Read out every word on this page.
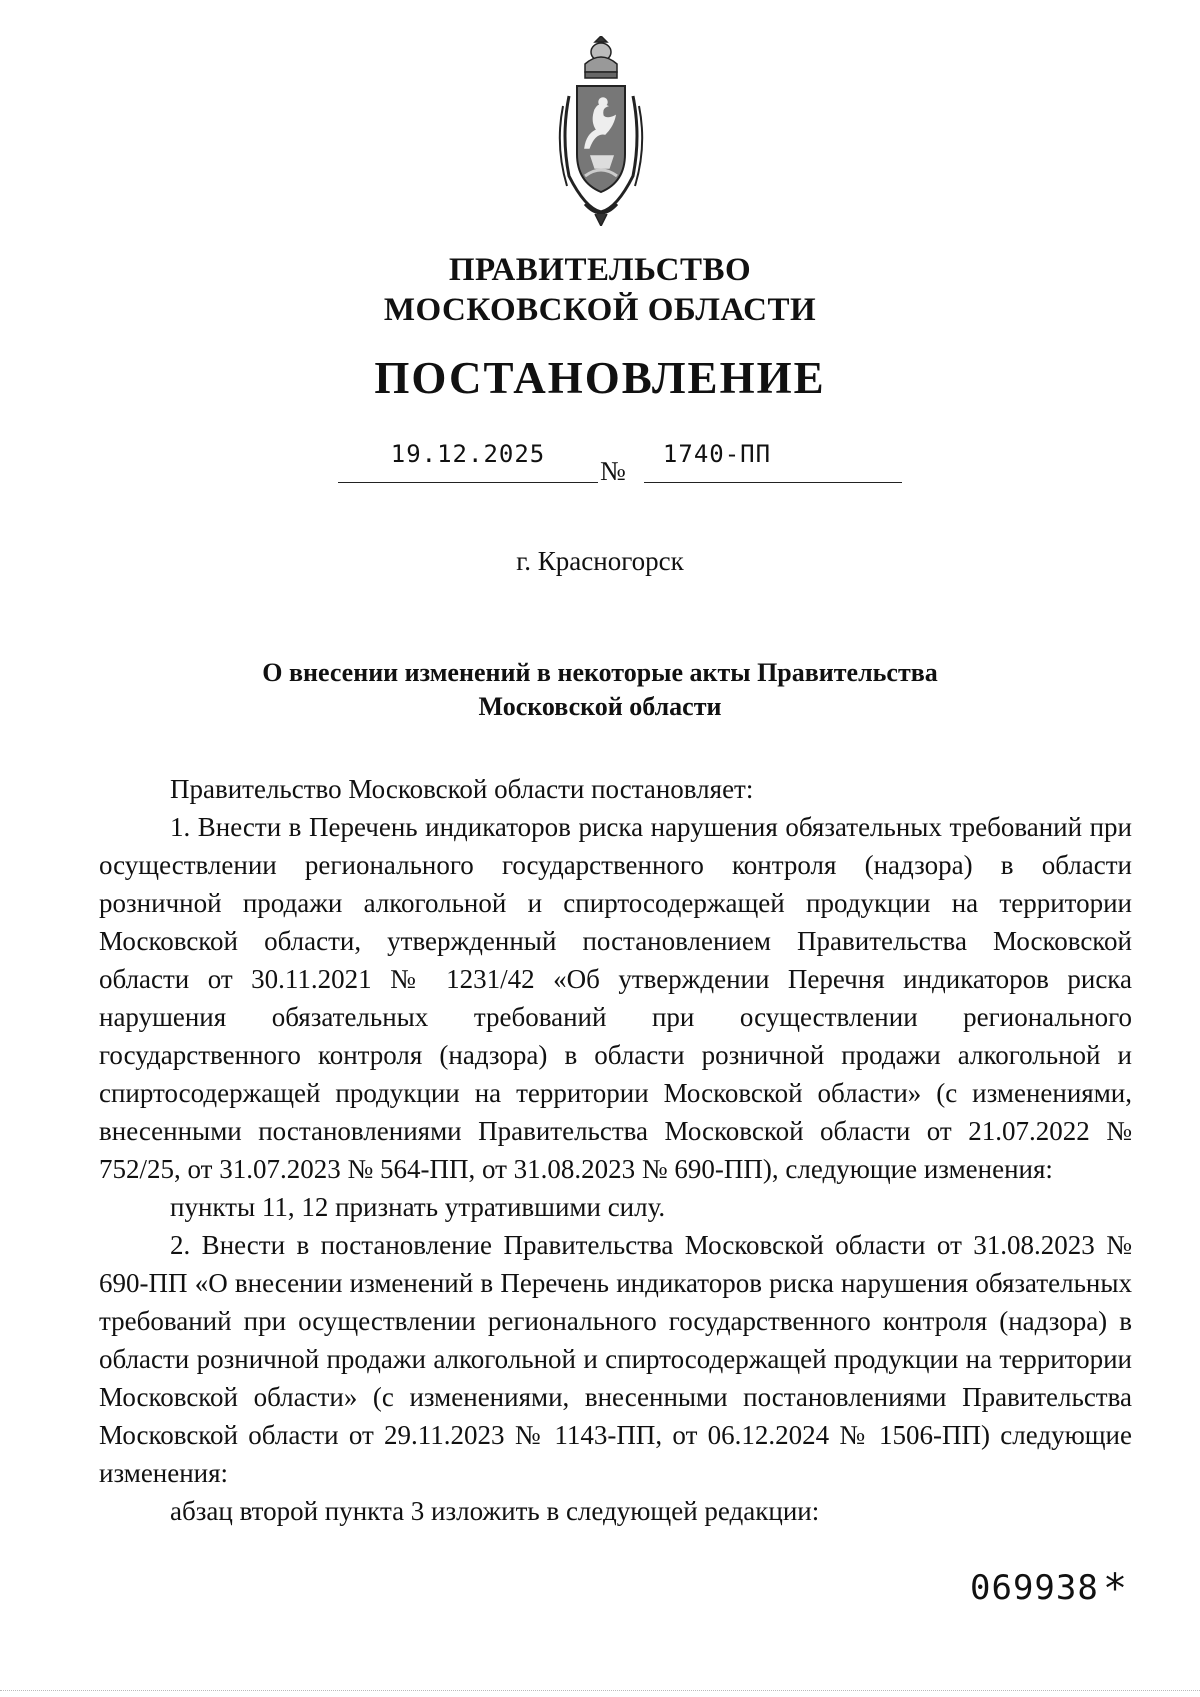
ПРАВИТЕЛЬСТВО
МОСКОВСКОЙ ОБЛАСТИ
ПОСТАНОВЛЕНИЕ
19.12.2025
№
1740-ПП
г. Красногорск
О внесении изменений в некоторые акты Правительства
Московской области

Правительство Московской области постановляет:

1. Внести в Перечень индикаторов риска нарушения обязательных требований при осуществлении регионального государственного контроля (надзора) в области розничной продажи алкогольной и спиртосодержащей продукции на территории Московской области, утвержденный постановлением Правительства Московской области от 30.11.2021 № 1231/42 «Об утверждении Перечня индикаторов риска нарушения обязательных требований при осуществлении регионального государственного контроля (надзора) в области розничной продажи алкогольной и спиртосодержащей продукции на территории Московской области» (с изменениями, внесенными постановлениями Правительства Московской области от 21.07.2022 № 752/25, от 31.07.2023 № 564-ПП, от 31.08.2023 № 690-ПП), следующие изменения:

пункты 11, 12 признать утратившими силу.

2. Внести в постановление Правительства Московской области от 31.08.2023 № 690-ПП «О внесении изменений в Перечень индикаторов риска нарушения обязательных требований при осуществлении регионального государственного контроля (надзора) в области розничной продажи алкогольной и спиртосодержащей продукции на территории Московской области» (с изменениями, внесенными постановлениями Правительства Московской области от 29.11.2023 № 1143-ПП, от 06.12.2024 № 1506-ПП) следующие изменения:

абзац второй пункта 3 изложить в следующей редакции:

069938 *
